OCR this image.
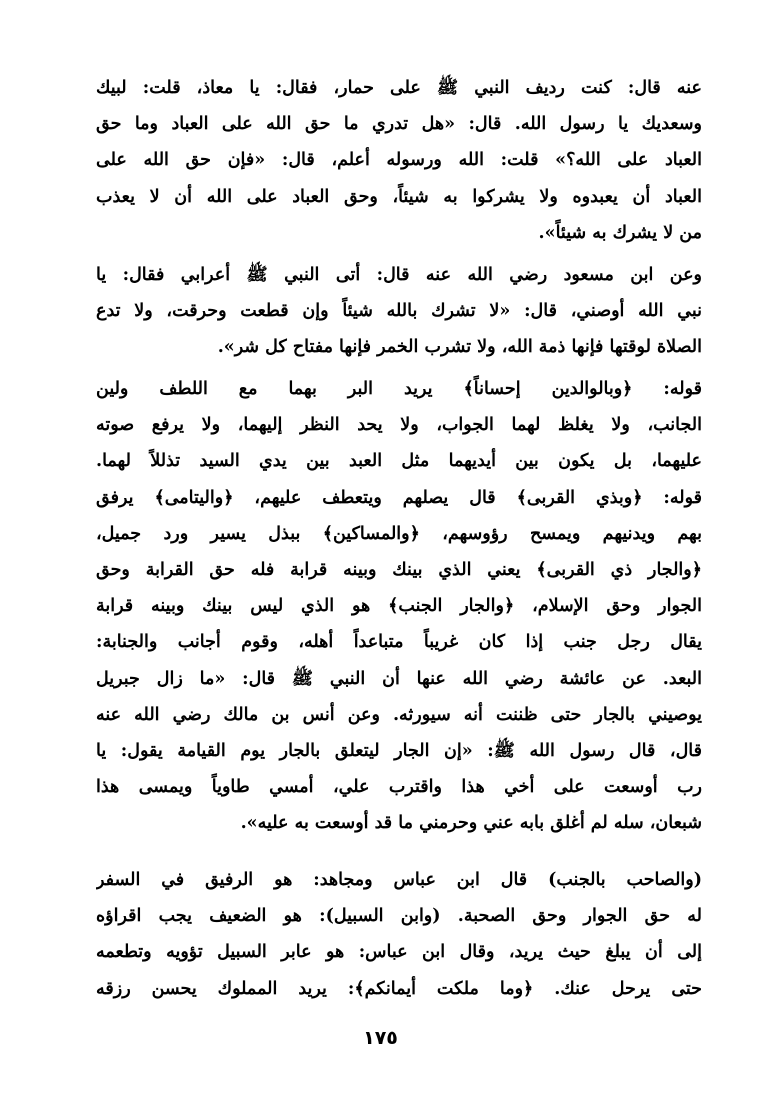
عنه قال: كنت رديف النبي ﷺ على حمار، فقال: يا معاذ، قلت: لبيك
وسعديك يا رسول الله. قال: «هل تدري ما حق الله على العباد وما حق
العباد على الله؟» قلت: الله ورسوله أعلم، قال: «فإن حق الله على
العباد أن يعبدوه ولا يشركوا به شيئاً، وحق العباد على الله أن لا يعذب
من لا يشرك به شيئاً».
وعن ابن مسعود رضي الله عنه قال: أتى النبي ﷺ أعرابي فقال: يا
نبي الله أوصني، قال: «لا تشرك بالله شيئاً وإن قطعت وحرقت، ولا تدع
الصلاة لوقتها فإنها ذمة الله، ولا تشرب الخمر فإنها مفتاح كل شر».
قوله: ﴿وبالوالدين إحساناً﴾ يريد البر بهما مع اللطف ولين
الجانب، ولا يغلظ لهما الجواب، ولا يحد النظر إليهما، ولا يرفع صوته
عليهما، بل يكون بين أيديهما مثل العبد بين يدي السيد تذللاً لهما.
قوله: ﴿وبذي القربى﴾ قال يصلهم ويتعطف عليهم، ﴿واليتامى﴾ يرفق
بهم ويدنيهم ويمسح رؤوسهم، ﴿والمساكين﴾ ببذل يسير ورد جميل،
﴿والجار ذي القربى﴾ يعني الذي بينك وبينه قرابة فله حق القرابة وحق
الجوار وحق الإسلام، ﴿والجار الجنب﴾ هو الذي ليس بينك وبينه قرابة
يقال رجل جنب إذا كان غريباً متباعداً أهله، وقوم أجانب والجنابة:
البعد. عن عائشة رضي الله عنها أن النبي ﷺ قال: «ما زال جبريل
يوصيني بالجار حتى ظننت أنه سيورثه. وعن أنس بن مالك رضي الله عنه
قال، قال رسول الله ﷺ: «إن الجار ليتعلق بالجار يوم القيامة يقول: يا
رب أوسعت على أخي هذا واقترب علي، أمسي طاوياً ويمسى هذا
شبعان، سله لم أغلق بابه عني وحرمني ما قد أوسعت به عليه».
(والصاحب بالجنب) قال ابن عباس ومجاهد: هو الرفيق في السفر
له حق الجوار وحق الصحبة. (وابن السبيل): هو الضعيف يجب اقراؤه
إلى أن يبلغ حيث يريد، وقال ابن عباس: هو عابر السبيل تؤويه وتطعمه
حتى يرحل عنك. ﴿وما ملكت أيمانكم﴾: يريد المملوك يحسن رزقه
١٧٥
